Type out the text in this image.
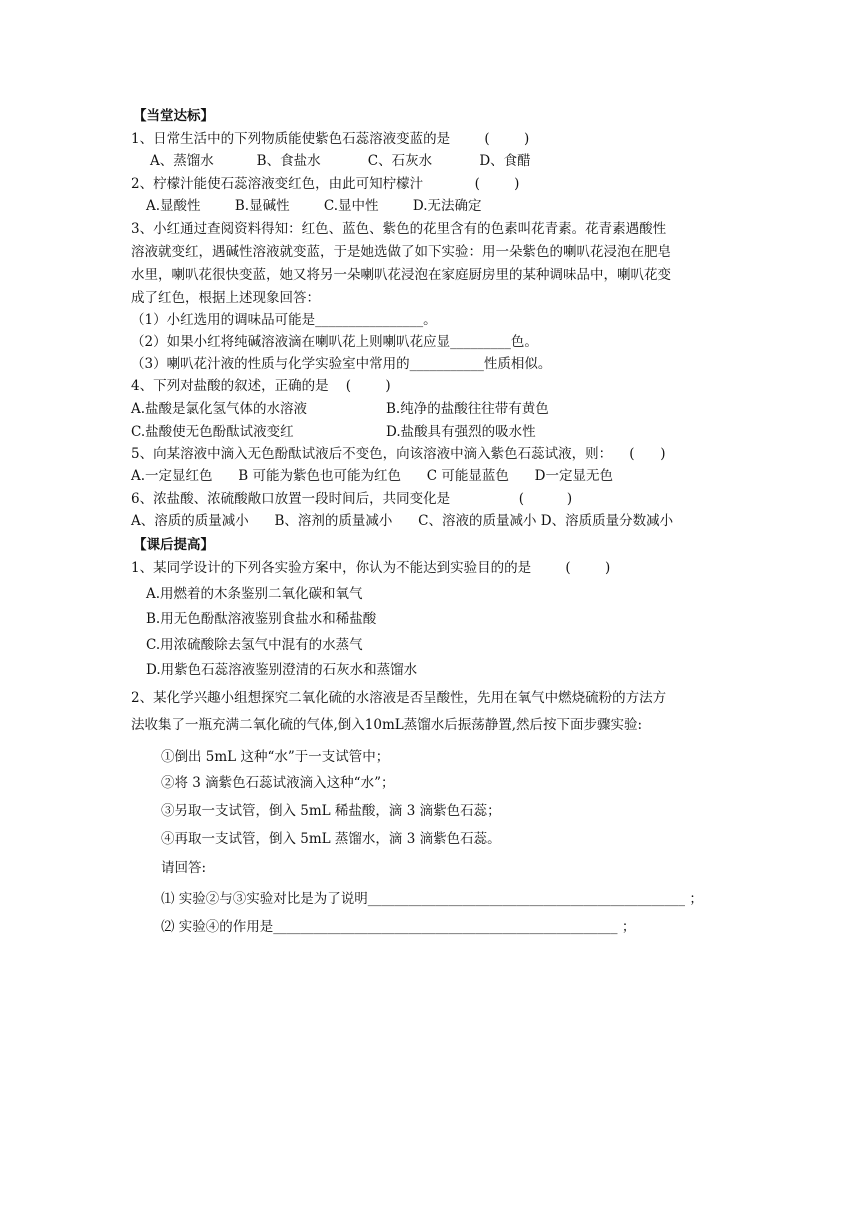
【当堂达标】
1、日常生活中的下列物质能使紫色石蕊溶液变蓝的是        (        )
A、蒸馏水          B、食盐水           C、石灰水           D、食醋
2、柠檬汁能使石蕊溶液变红色，由此可知柠檬汁            (        )
A.显酸性        B.显碱性        C.显中性        D.无法确定
3、小红通过查阅资料得知：红色、蓝色、紫色的花里含有的色素叫花青素。花青素遇酸性
溶液就变红，遇碱性溶液就变蓝，于是她选做了如下实验：用一朵紫色的喇叭花浸泡在肥皂
水里，喇叭花很快变蓝，她又将另一朵喇叭花浸泡在家庭厨房里的某种调味品中，喇叭花变
成了红色，根据上述现象回答：
（1）小红选用的调味品可能是________________。
（2）如果小红将纯碱溶液滴在喇叭花上则喇叭花应显_________色。
（3）喇叭花汁液的性质与化学实验室中常用的___________性质相似。
4、下列对盐酸的叙述，正确的是    (        )
A.盐酸是氯化氢气体的水溶液	B.纯净的盐酸往往带有黄色
C.盐酸使无色酚酞试液变红	D.盐酸具有强烈的吸水性
5、向某溶液中滴入无色酚酞试液后不变色，向该溶液中滴入紫色石蕊试液，则：    (      )
A.一定显红色      B 可能为紫色也可能为红色      C 可能显蓝色      D一定显无色
6、浓盐酸、浓硫酸敞口放置一段时间后，共同变化是                (          )
A、溶质的质量减小      B、溶剂的质量减小      C、溶液的质量减小 D、溶质质量分数减小
【课后提高】
1、某同学设计的下列各实验方案中，你认为不能达到实验目的的是        (        )
A.用燃着的木条鉴别二氧化碳和氧气
B.用无色酚酞溶液鉴别食盐水和稀盐酸
C.用浓硫酸除去氢气中混有的水蒸气
D.用紫色石蕊溶液鉴别澄清的石灰水和蒸馏水
2、某化学兴趣小组想探究二氧化硫的水溶液是否呈酸性，先用在氧气中燃烧硫粉的方法方
法收集了一瓶充满二氧化硫的气体,倒入10mL蒸馏水后振荡静置,然后按下面步骤实验:
①倒出 5mL 这种“水”于一支试管中；
②将 3 滴紫色石蕊试液滴入这种“水”；
③另取一支试管，倒入 5mL 稀盐酸，滴 3 滴紫色石蕊；
④再取一支试管，倒入 5mL 蒸馏水，滴 3 滴紫色石蕊。
请回答:
⑴ 实验②与③实验对比是为了说明_______________________________________________ ；
⑵ 实验④的作用是___________________________________________________ ；
